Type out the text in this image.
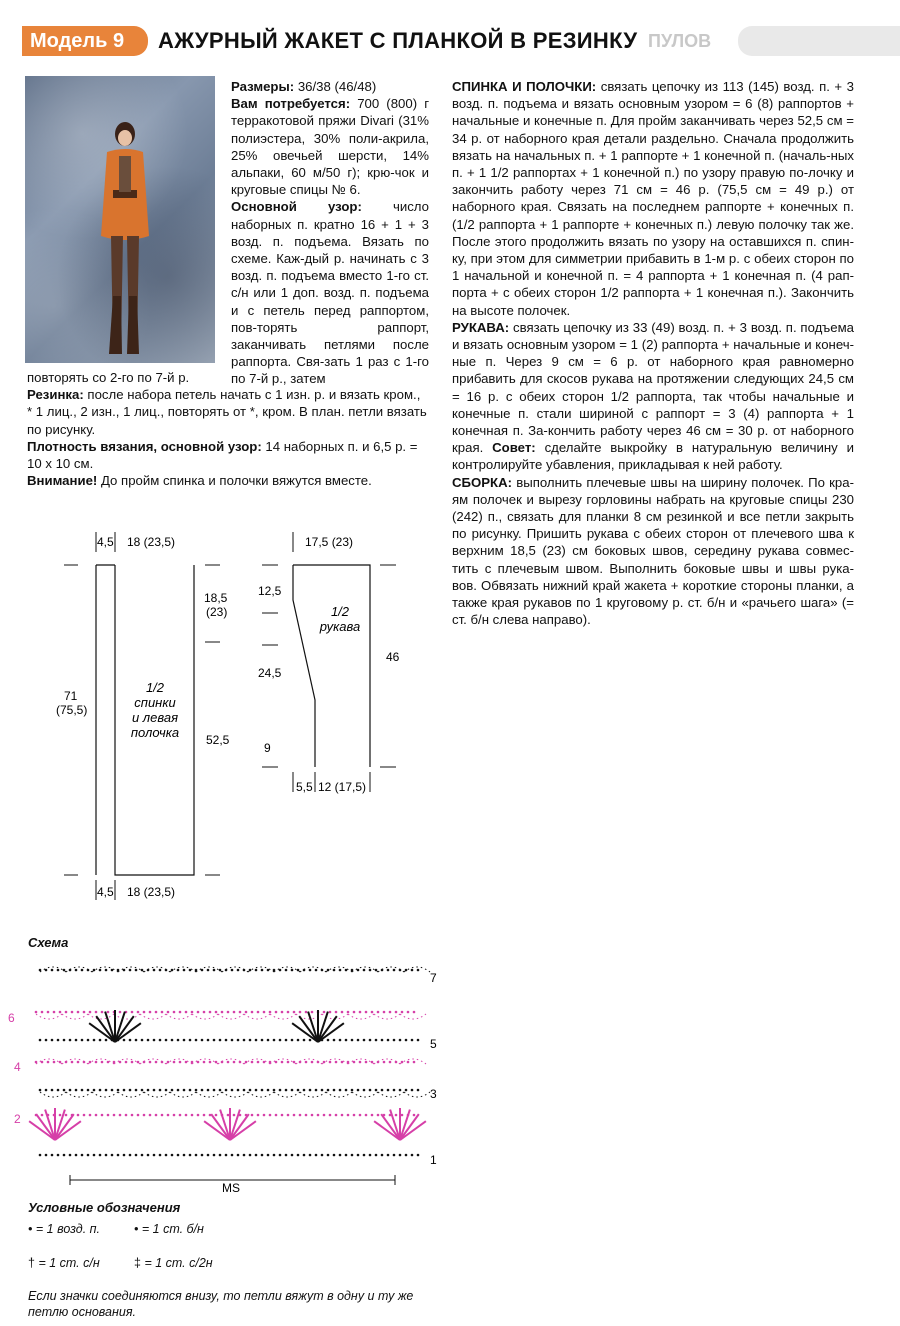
Модель 9	АЖУРНЫЙ ЖАКЕТ С ПЛАНКОЙ В РЕЗИНКУ ПУЛОВ
Размеры: 36/38 (46/48)
Вам потребуется: 700 (800) г терракотовой пряжи Divari (31% полиэстера, 30% поли-акрила, 25% овечьей шерсти, 14% альпаки, 60 м/50 г); крю-чок и круговые спицы № 6.
Основной узор: число наборных п. кратно 16 + 1 + 3 возд. п. подъема. Вязать по схеме. Каж-дый р. начинать с 3 возд. п. подъема вместо 1-го ст. с/н или 1 доп. возд. п. подъема и с петель перед раппортом, пов-торять раппорт, заканчивать петлями после раппорта. Свя-зать 1 раз с 1-го по 7-й р., затем
повторять со 2-го по 7-й р.
Резинка: после набора петель начать с 1 изн. р. и вязать кром., * 1 лиц., 2 изн., 1 лиц., повторять от *, кром. В план. петли вязать по рисунку.
Плотность вязания, основной узор: 14 наборных п. и 6,5 р. = 10 х 10 см.
Внимание! До пройм спинка и полочки вяжутся вместе.
СПИНКА И ПОЛОЧКИ: связать цепочку из 113 (145) возд. п. + 3 возд. п. подъема и вязать основным узором = 6 (8) раппортов + начальные и конечные п. Для пройм заканчивать через 52,5 см = 34 р. от наборного края детали раздельно. Сначала продолжить вязать на начальных п. + 1 раппорте + 1 конечной п. (началь-ных п. + 1 1/2 раппортах + 1 конечной п.) по узору правую по-лочку и закончить работу через 71 см = 46 р. (75,5 см = 49 р.) от наборного края. Связать на последнем раппорте + конечных п. (1/2 раппорта + 1 раппорте + конечных п.) левую полочку так же. После этого продолжить вязать по узору на оставшихся п. спин-ку, при этом для симметрии прибавить в 1-м р. с обеих сторон по 1 начальной и конечной п. = 4 раппорта + 1 конечная п. (4 рап-порта + с обеих сторон 1/2 раппорта + 1 конечная п.). Закончить на высоте полочек.
РУКАВА: связать цепочку из 33 (49) возд. п. + 3 возд. п. подъема и вязать основным узором = 1 (2) раппорта + начальные и конеч-ные п. Через 9 см = 6 р. от наборного края равномерно прибавить для скосов рукава на протяжении следующих 24,5 см = 16 р. с обеих сторон 1/2 раппорта, так чтобы начальные и конечные п. стали шириной с раппорт = 3 (4) раппорта + 1 конечная п. За-кончить работу через 46 см = 30 р. от наборного края. Совет: сделайте выкройку в натуральную величину и контролируйте убавления, прикладывая к ней работу.
СБОРКА: выполнить плечевые швы на ширину полочек. По кра-ям полочек и вырезу горловины набрать на круговые спицы 230 (242) п., связать для планки 8 см резинкой и все петли закрыть по рисунку. Пришить рукава с обеих сторон от плечевого шва к верхним 18,5 (23) см боковых швов, середину рукава совмес-тить с плечевым швом. Выполнить боковые швы и швы рука-вов. Обвязать нижний край жакета + короткие стороны планки, а также края рукавов по 1 круговому р. ст. б/н и «рачьего шага» (= ст. б/н слева направо).
4,5 18 (23,5)
4,5 18 (23,5)
71
(75,5)
18,5
(23)
52,5
1/2
спинки
и левая
полочка
17,5 (23)
12,5
24,5
9
46
5,5 12 (17,5)
1/2
рукава
Схема
MS
7
5
3
1
6
4
2
Условные обозначения
• = 1 возд. п.	• = 1 ст. б/н
† = 1 ст. с/н	‡ = 1 ст. с/2н
Если значки соединяются внизу, то петли вяжут в одну и ту же петлю основания.
